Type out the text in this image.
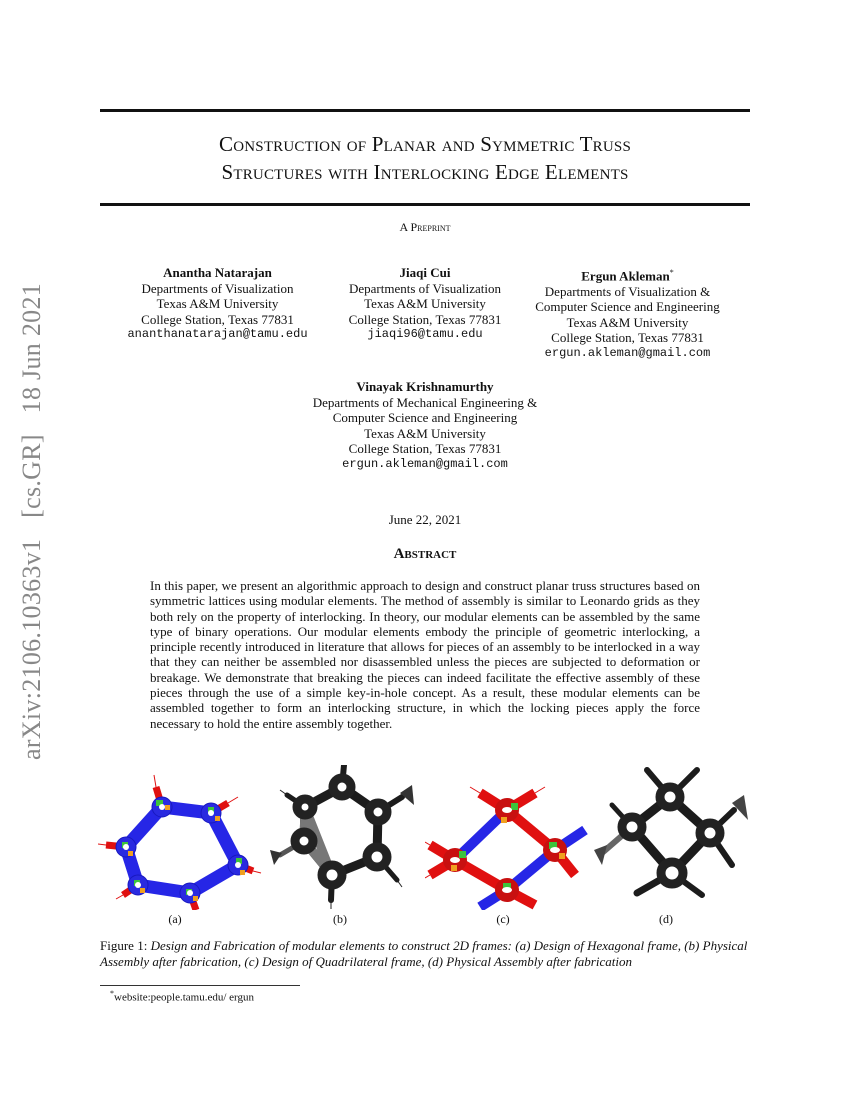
arXiv:2106.10363v1 [cs.GR] 18 Jun 2021
Construction of Planar and Symmetric Truss
Structures with Interlocking Edge Elements
A Preprint
Anantha Natarajan
Departments of Visualization
Texas A&M University
College Station, Texas 77831
ananthanatarajan@tamu.edu
Jiaqi Cui
Departments of Visualization
Texas A&M University
College Station, Texas 77831
jiaqi96@tamu.edu
Ergun Akleman*
Departments of Visualization &
Computer Science and Engineering
Texas A&M University
College Station, Texas 77831
ergun.akleman@gmail.com
Vinayak Krishnamurthy
Departments of Mechanical Engineering &
Computer Science and Engineering
Texas A&M University
College Station, Texas 77831
ergun.akleman@gmail.com
June 22, 2021
Abstract
In this paper, we present an algorithmic approach to design and construct planar truss structures based on symmetric lattices using modular elements. The method of assembly is similar to Leonardo grids as they both rely on the property of interlocking. In theory, our modular elements can be assembled by the same type of binary operations. Our modular elements embody the principle of geometric interlocking, a principle recently introduced in literature that allows for pieces of an assembly to be interlocked in a way that they can neither be assembled nor disassembled unless the pieces are subjected to deformation or breakage. We demonstrate that breaking the pieces can indeed facilitate the effective assembly of these pieces through the use of a simple key-in-hole concept. As a result, these modular elements can be assembled together to form an interlocking structure, in which the locking pieces apply the force necessary to hold the entire assembly together.
(a)	(b)	(c)	(d)
Figure 1: Design and Fabrication of modular elements to construct 2D frames: (a) Design of Hexagonal frame, (b) Physical Assembly after fabrication, (c) Design of Quadrilateral frame, (d) Physical Assembly after fabrication
*website:people.tamu.edu/ ergun
